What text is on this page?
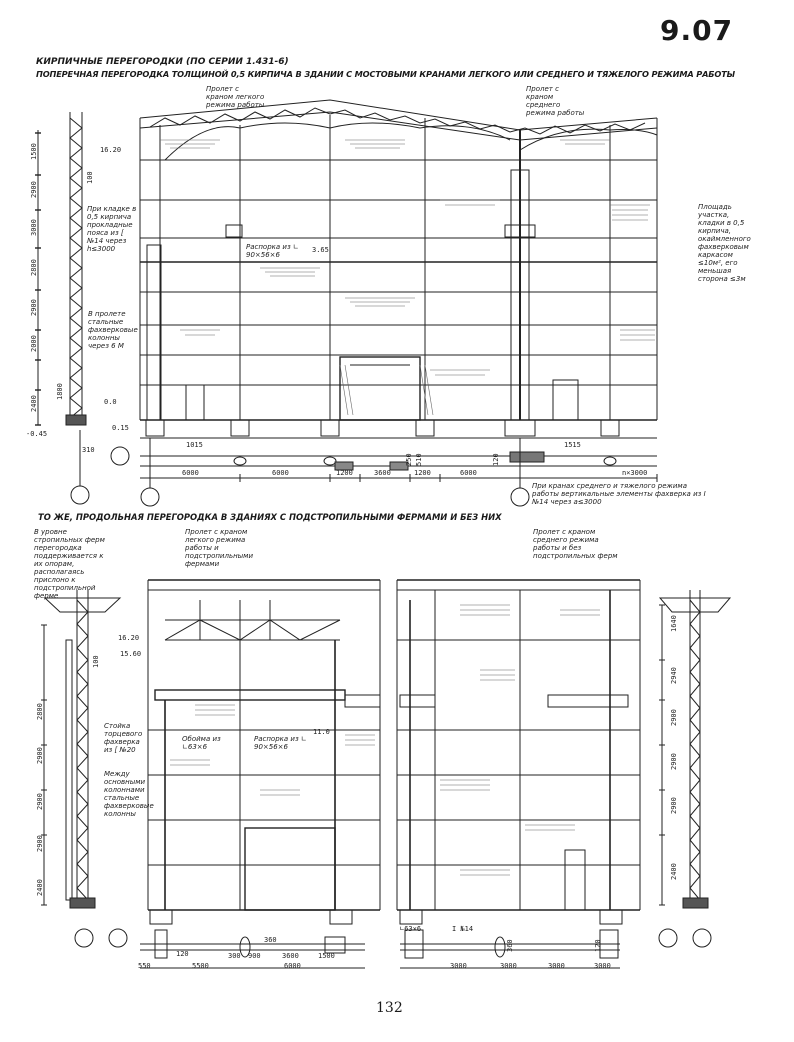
9.07
КИРПИЧНЫЕ ПЕРЕГОРОДКИ (ПО СЕРИИ 1.431-6)
ПОПЕРЕЧНАЯ ПЕРЕГОРОДКА ТОЛЩИНОЙ 0,5 КИРПИЧА В ЗДАНИИ С МОСТОВЫМИ КРАНАМИ ЛЕГКОГО ИЛИ СРЕДНЕГО И ТЯЖЕЛОГО РЕЖИМА РАБОТЫ
Пролет с краном легкого режима работы
Пролет с краном среднего режима работы
При кладке в 0,5 кирпича прокладные пояса из [ №14 через h≤3000
В пролете стальные фахверковые колонны через 6 М
Распорка из ∟ 90×56×6
Площадь участка, кладки в 0,5 кирпича, окаймленного фахверковым каркасом ≤10м², его меньшая сторона ≤3м
При кранах среднего и тяжелого режима работы вертикальные элементы фахверка из I №14 через a≤3000
16.20
3.65
0.0
-0.45
0.15
1500
2900
3000
2800
2900
2000
2400
1800
100
310
1015	1515
6000	6000	1200	3600	1200	6000	n×3000
250 510	120
ТО ЖЕ, ПРОДОЛЬНАЯ ПЕРЕГОРОДКА В ЗДАНИЯХ С ПОДСТРОПИЛЬНЫМИ ФЕРМАМИ И БЕЗ НИХ
В уровне стропильных ферм перегородка поддерживается к их опорам, располагаясь приcлоно к подстропильной ферме
Пролет с краном легкого режима работы и подстропильными фермами
Пролет с краном среднего режима работы и без подстропильных ферм
Стойка торцевого фахверка из [ №20
Между основными колоннами стальные фахверковые колонны
Обойма из ∟63×6
Распорка из ∟ 90×56×6
16.20
15.60
11.0
2800
2900
2900
2900
2400
100
1640
2940
2900
2900
2900
2400
550	5500
300 900
360
3600	1500
6000
120
∟63×6	I №14
3000	3000	3000	3000
360	120
132
